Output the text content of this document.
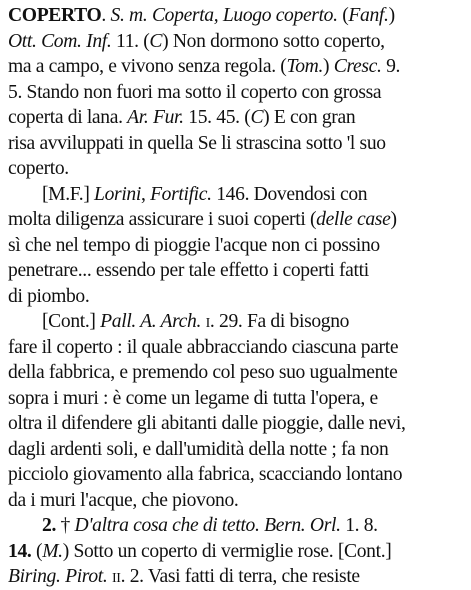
COPERTO. S. m. Coperta, Luogo coperto. (Fanf.)
Ott. Com. Inf. 11. (C) Non dormono sotto coperto,
ma a campo, e vivono senza regola. (Tom.) Cresc. 9.
5. Stando non fuori ma sotto il coperto con grossa
coperta di lana. Ar. Fur. 15. 45. (C) E con gran
risa avviluppati in quella Se li strascina sotto 'l suo
coperto.
[M.F.] Lorini, Fortific. 146. Dovendosi con
molta diligenza assicurare i suoi coperti (delle case)
sì che nel tempo di pioggie l'acque non ci possino
penetrare... essendo per tale effetto i coperti fatti
di piombo.
[Cont.] Pall. A. Arch. i. 29. Fa di bisogno
fare il coperto : il quale abbracciando ciascuna parte
della fabbrica, e premendo col peso suo ugualmente
sopra i muri : è come un legame di tutta l'opera, e
oltra il difendere gli abitanti dalle pioggie, dalle nevi,
dagli ardenti soli, e dall'umidità della notte ; fa non
picciolo giovamento alla fabrica, scacciando lontano
da i muri l'acque, che piovono.
2. † D'altra cosa che di tetto. Bern. Orl. 1. 8.
14. (M.) Sotto un coperto di vermiglie rose. [Cont.]
Biring. Pirot. ii. 2. Vasi fatti di terra, che resiste
